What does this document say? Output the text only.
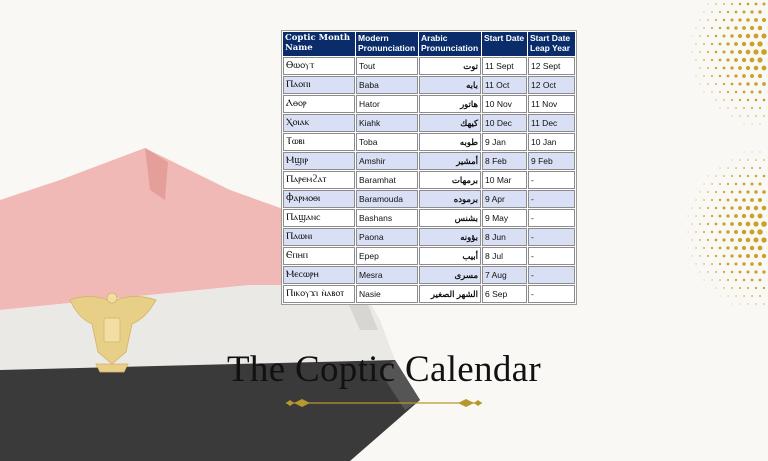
Coptic Month Name	Modern Pronunciation	Arabic Pronunciation	Start Date	Start Date Leap Year
Ⲑⲱⲟⲩⲧ	Tout	توت	11 Sept	12 Sept
Ⲡⲁⲟⲡⲓ	Baba	بابه	11 Oct	12 Oct
Ⲁⲑⲟⲣ	Hator	هاتور	10 Nov	11 Nov
Ⲭⲟⲓⲁⲕ	Kiahk	كيهك	10 Dec	11 Dec
Ⲧⲱⲃⲓ	Toba	طوبه	9 Jan	10 Jan
Ⲙϣⲓⲣ	Amshir	أمشير	8 Feb	9 Feb
Ⲡⲁⲣⲉⲙϩⲁⲧ	Baramhat	برمهات	10 Mar	-
Ⲫⲁⲣⲙⲟⲑⲓ	Baramouda	برموده	9 Apr	-
Ⲡⲁϣⲁⲛⲥ	Bashans	بشنس	9 May	-
Ⲡⲁⲱⲛⲓ	Paona	بؤونه	8 Jun	-
Ⲉⲡⲏⲡ	Epep	أبيب	8 Jul	-
Ⲙⲉⲥⲱⲣⲏ	Mesra	مسرى	7 Aug	-
Ⲡⲓⲕⲟⲩϫⲓ ⲛ̀ⲁⲃⲟⲧ	Nasie	الشهر الصغير	6 Sep	-
The Coptic Calendar
